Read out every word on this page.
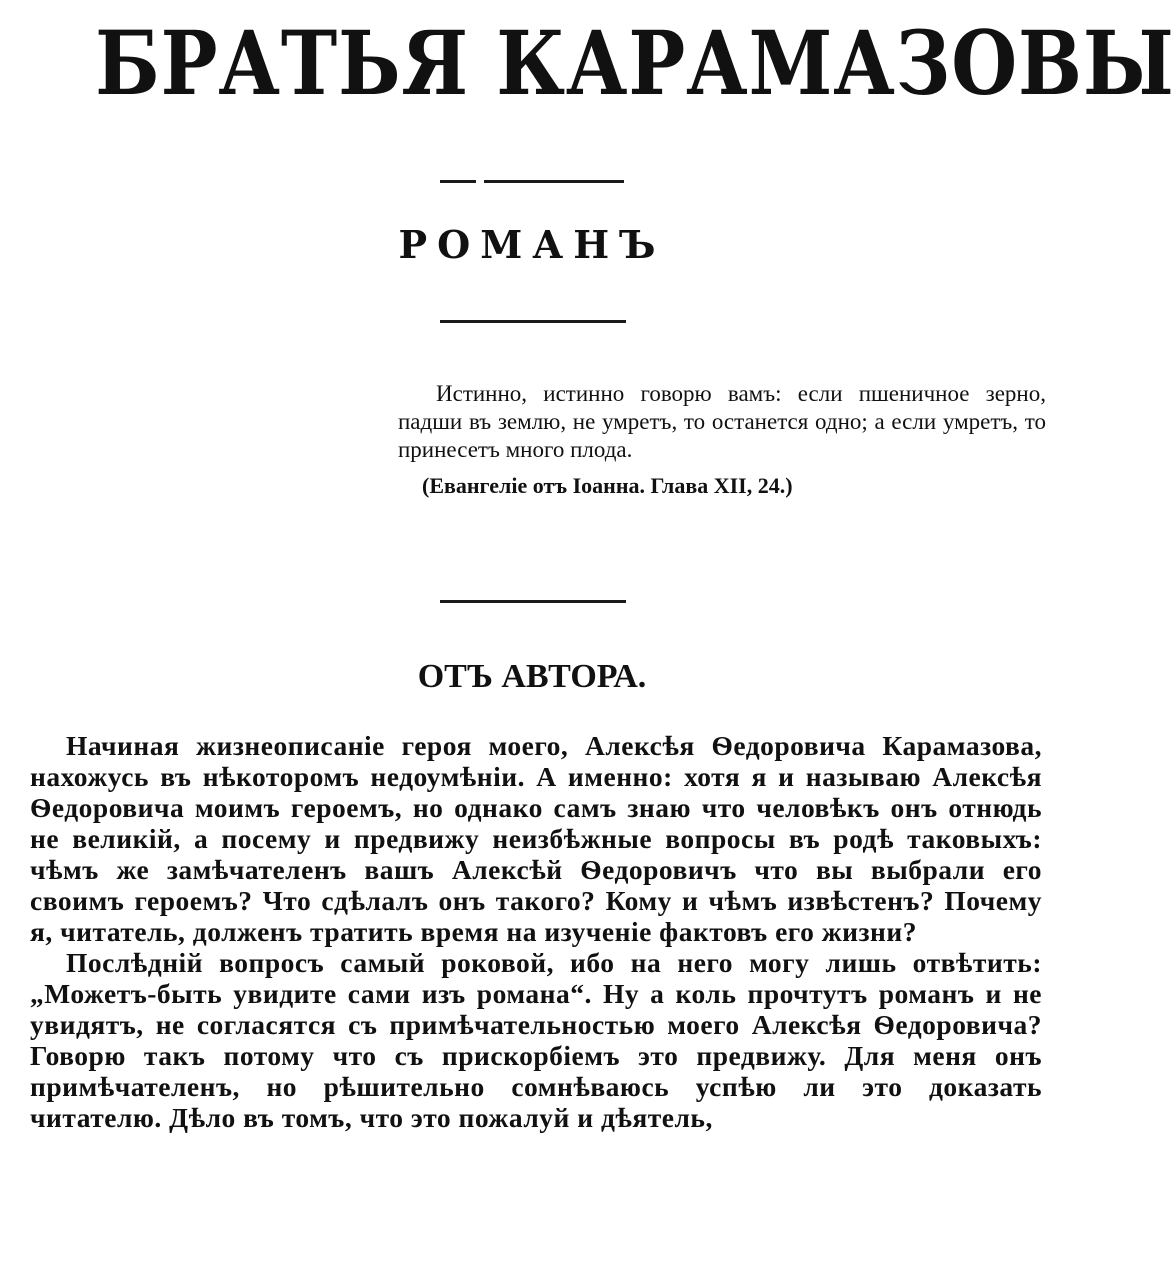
БРАТЬЯ КАРАМАЗОВЫ
РОМАНЪ

Истинно, истинно говорю вамъ: если пшеничное зерно, падши въ землю, не умретъ, то останется одно; а если умретъ, то принесетъ много плода.

(Евангеліе отъ Іоанна. Глава XII, 24.)

ОТЪ АВТОРА.

Начиная жизнеописаніе героя моего, Алексѣя Ѳедоровича Карамазова, нахожусь въ нѣкоторомъ недоумѣніи. А именно: хотя я и называю Алексѣя Ѳедоровича моимъ героемъ, но однако самъ знаю что человѣкъ онъ отнюдь не великій, а посему и предвижу неизбѣжные вопросы въ родѣ таковыхъ: чѣмъ же замѣчателенъ вашъ Алексѣй Ѳедоровичъ что вы выбрали его своимъ героемъ? Что сдѣлалъ онъ такого? Кому и чѣмъ извѣстенъ? Почему я, читатель, долженъ тратить время на изученіе фактовъ его жизни?

Послѣдній вопросъ самый роковой, ибо на него могу лишь отвѣтить: „Можетъ-быть увидите сами изъ романа“. Ну а коль прочтутъ романъ и не увидятъ, не согласятся съ примѣчательностью моего Алексѣя Ѳедоровича? Говорю такъ потому что съ прискорбіемъ это предвижу. Для меня онъ примѣчателенъ, но рѣшительно сомнѣваюсь успѣю ли это доказать читателю. Дѣло въ томъ, что это пожалуй и дѣятель,
